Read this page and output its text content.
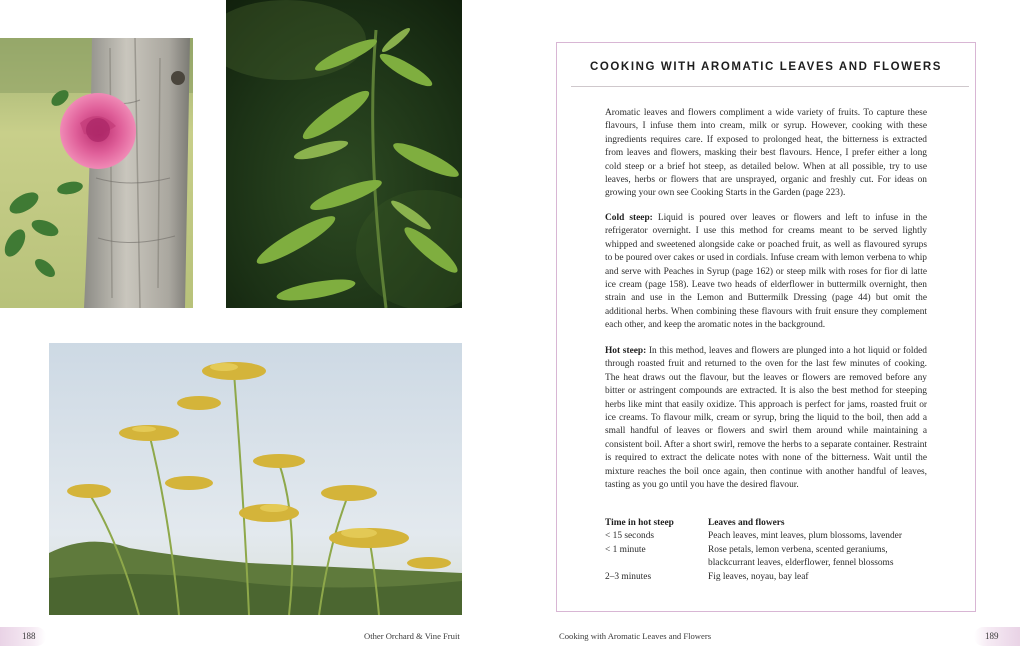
COOKING WITH AROMATIC LEAVES AND FLOWERS

Aromatic leaves and flowers compliment a wide variety of fruits. To capture these flavours, I infuse them into cream, milk or syrup. However, cooking with these ingredients requires care. If exposed to prolonged heat, the bitterness is extracted from leaves and flowers, masking their best flavours. Hence, I prefer either a long cold steep or a brief hot steep, as detailed below. When at all possible, try to use leaves, herbs or flowers that are unsprayed, organic and freshly cut. For ideas on growing your own see Cooking Starts in the Garden (page 223).

Cold steep: Liquid is poured over leaves or flowers and left to infuse in the refrigerator overnight. I use this method for creams meant to be served lightly whipped and sweetened alongside cake or poached fruit, as well as flavoured syrups to be poured over cakes or used in cordials. Infuse cream with lemon verbena to whip and serve with Peaches in Syrup (page 162) or steep milk with roses for fior di latte ice cream (page 158). Leave two heads of elderflower in buttermilk overnight, then strain and use in the Lemon and Buttermilk Dressing (page 44) but omit the additional herbs. When combining these flavours with fruit ensure they complement each other, and keep the aromatic notes in the background.

Hot steep: In this method, leaves and flowers are plunged into a hot liquid or folded through roasted fruit and returned to the oven for the last few minutes of cooking. The heat draws out the flavour, but the leaves or flowers are removed before any bitter or astringent compounds are extracted. It is also the best method for steeping herbs like mint that easily oxidize. This approach is perfect for jams, roasted fruit or ice creams. To flavour milk, cream or syrup, bring the liquid to the boil, then add a small handful of leaves or flowers and swirl them around while maintaining a consistent boil. After a short swirl, remove the herbs to a separate container. Restraint is required to extract the delicate notes with none of the bitterness. Wait until the mixture reaches the boil once again, then continue with another handful of leaves, tasting as you go until you have the desired flavour.

Time in hot steep	Leaves and flowers
< 15 seconds	Peach leaves, mint leaves, plum blossoms, lavender
< 1 minute	Rose petals, lemon verbena, scented geraniums,
blackcurrant leaves, elderflower, fennel blossoms
2–3 minutes	Fig leaves, noyau, bay leaf
188	Other Orchard & Vine Fruit	Cooking with Aromatic Leaves and Flowers	189
